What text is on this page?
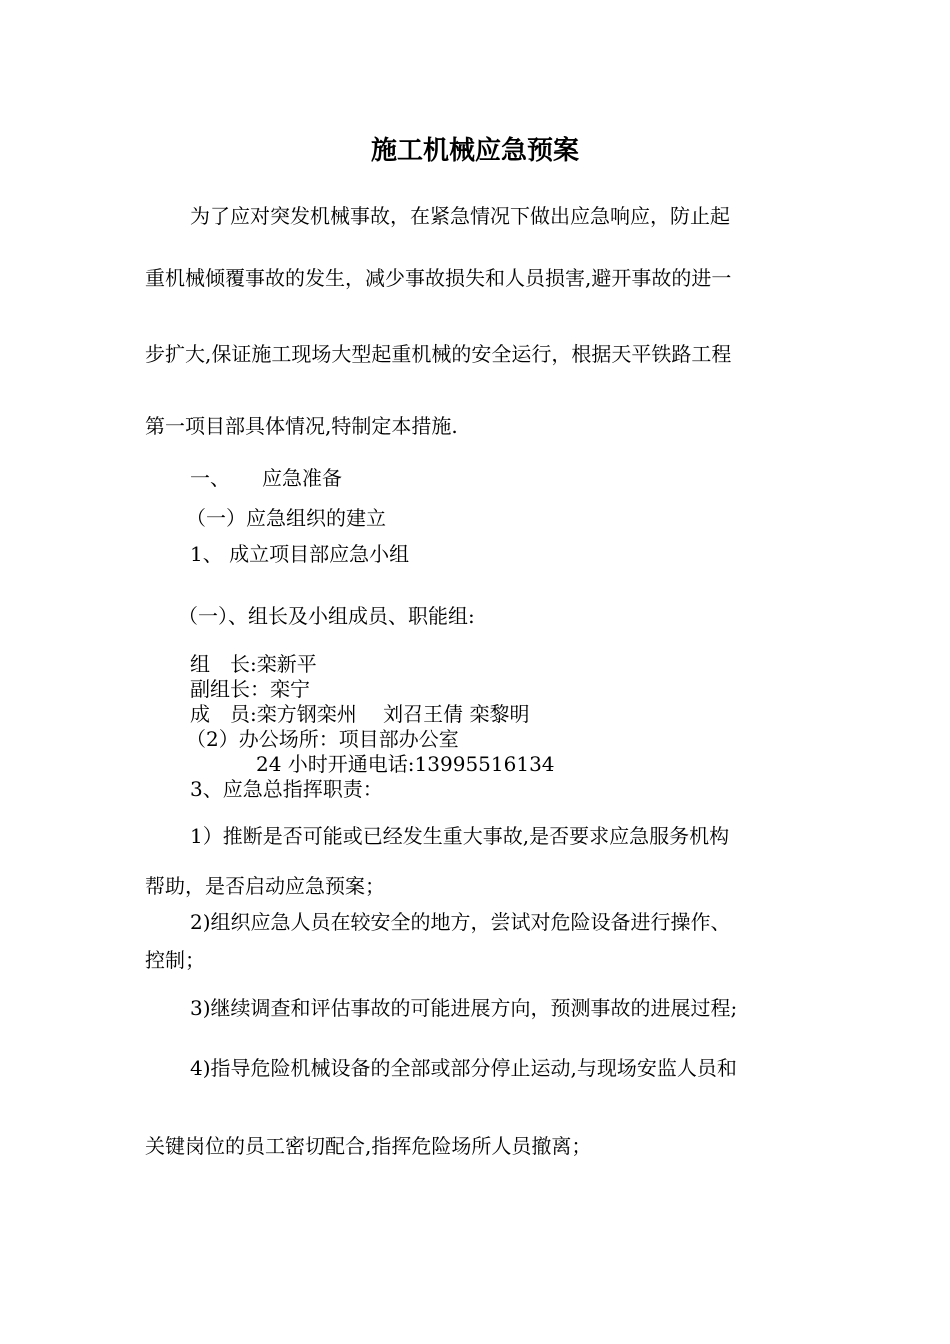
施工机械应急预案
为了应对突发机械事故，在紧急情况下做出应急响应，防止起
重机械倾覆事故的发生，减少事故损失和人员损害,避开事故的进一
步扩大,保证施工现场大型起重机械的安全运行，根据天平铁路工程
第一项目部具体情况,特制定本措施.
一、 应急准备
（一）应急组织的建立
1、 成立项目部应急小组
（一）、组长及小组成员、职能组:
组　长:栾新平
副组长：栾宁
成　员:栾方钢栾州　 刘召王倩 栾黎明
（2）办公场所：项目部办公室
24 小时开通电话:13995516134
3、应急总指挥职责：
1）推断是否可能或已经发生重大事故,是否要求应急服务机构
帮助，是否启动应急预案；
2)组织应急人员在较安全的地方，尝试对危险设备进行操作、
控制；
3)继续调查和评估事故的可能进展方向，预测事故的进展过程;
4)指导危险机械设备的全部或部分停止运动,与现场安监人员和
关键岗位的员工密切配合,指挥危险场所人员撤离；
